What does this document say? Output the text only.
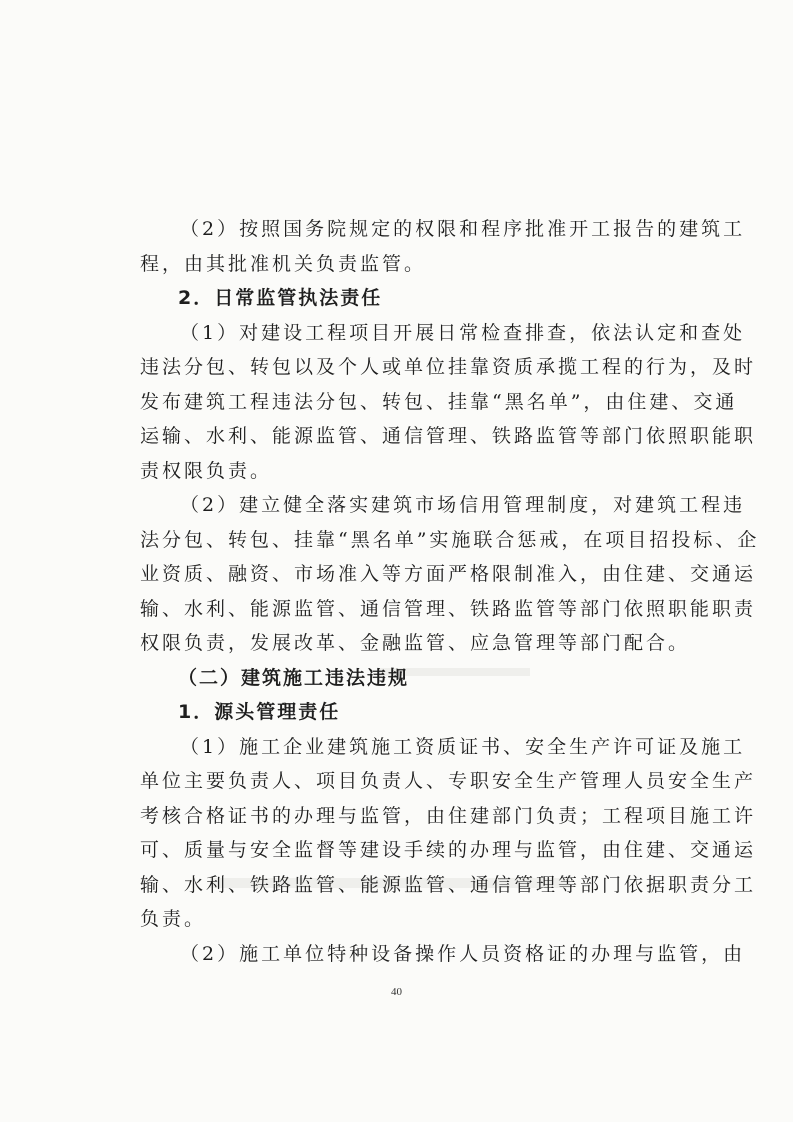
（2）按照国务院规定的权限和程序批准开工报告的建筑工
程，由其批准机关负责监管。
2．日常监管执法责任
（1）对建设工程项目开展日常检查排查，依法认定和查处
违法分包、转包以及个人或单位挂靠资质承揽工程的行为，及时
发布建筑工程违法分包、转包、挂靠“黑名单”，由住建、交通
运输、水利、能源监管、通信管理、铁路监管等部门依照职能职
责权限负责。
（2）建立健全落实建筑市场信用管理制度，对建筑工程违
法分包、转包、挂靠“黑名单”实施联合惩戒，在项目招投标、企
业资质、融资、市场准入等方面严格限制准入，由住建、交通运
输、水利、能源监管、通信管理、铁路监管等部门依照职能职责
权限负责，发展改革、金融监管、应急管理等部门配合。
（二）建筑施工违法违规
1．源头管理责任
（1）施工企业建筑施工资质证书、安全生产许可证及施工
单位主要负责人、项目负责人、专职安全生产管理人员安全生产
考核合格证书的办理与监管，由住建部门负责；工程项目施工许
可、质量与安全监督等建设手续的办理与监管，由住建、交通运
输、水利、铁路监管、能源监管、通信管理等部门依据职责分工
负责。
（2）施工单位特种设备操作人员资格证的办理与监管，由
40
